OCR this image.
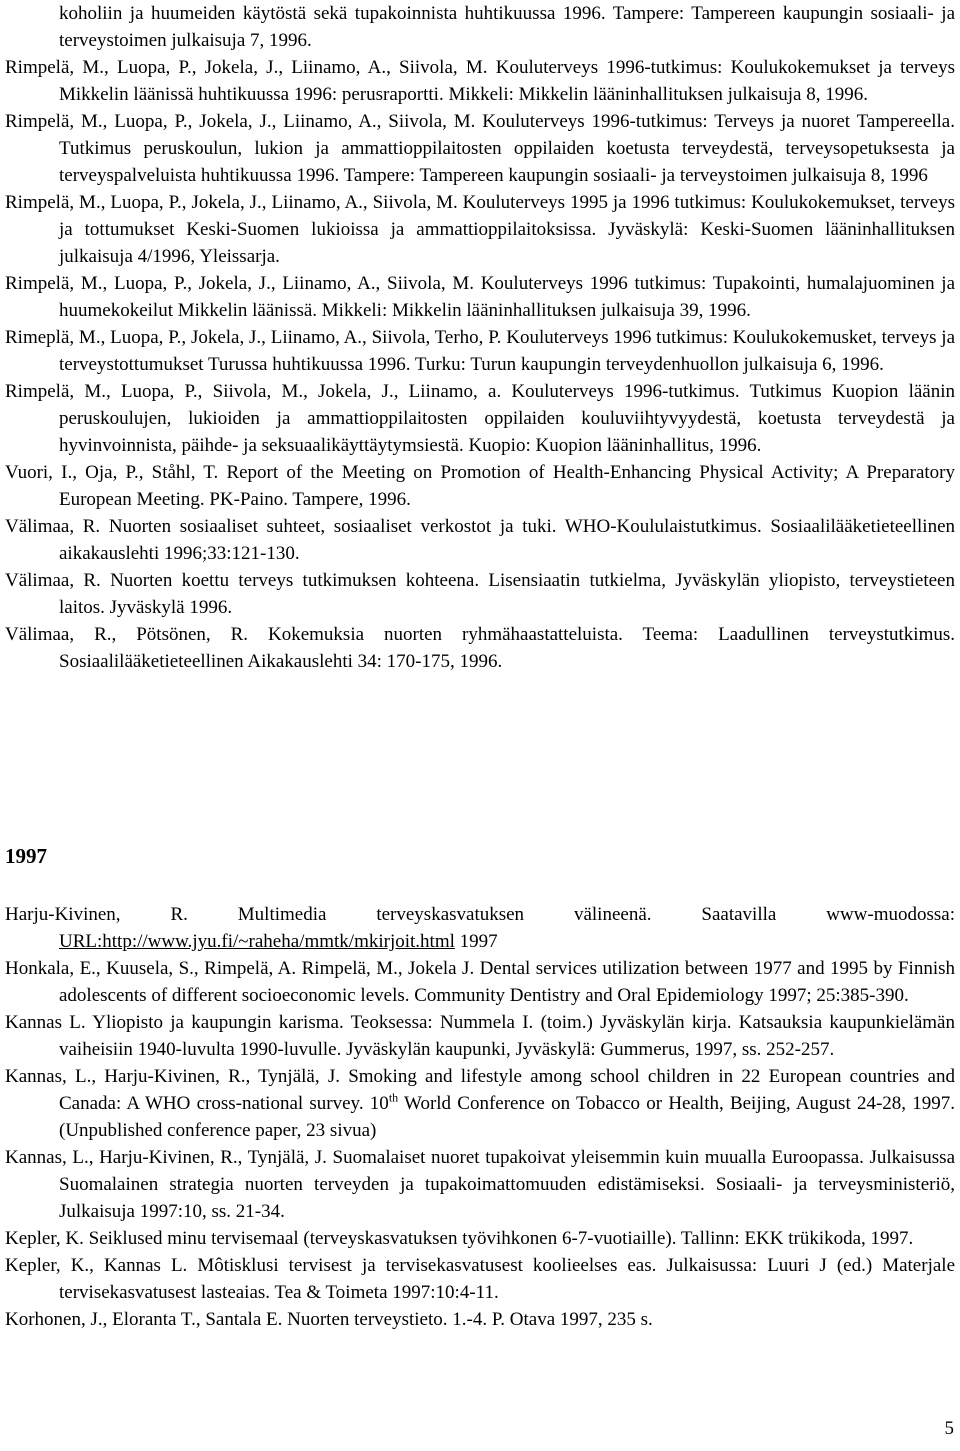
koholiin ja huumeiden käytöstä sekä tupakoinnista huhtikuussa 1996. Tampere: Tampereen kaupungin sosiaali- ja terveystoimen julkaisuja 7, 1996.

Rimpelä, M., Luopa, P., Jokela, J., Liinamo, A., Siivola, M. Kouluterveys 1996-tutkimus: Koulukokemukset ja terveys Mikkelin läänissä huhtikuussa 1996: perusraportti. Mikkeli: Mikkelin lääninhallituksen julkaisuja 8, 1996.

Rimpelä, M., Luopa, P., Jokela, J., Liinamo, A., Siivola, M. Kouluterveys 1996-tutkimus: Terveys ja nuoret Tampereella. Tutkimus peruskoulun, lukion ja ammattioppilaitosten oppilaiden koetusta terveydestä, terveysopetuksesta ja terveyspalveluista huhtikuussa 1996. Tampere: Tampereen kaupungin sosiaali- ja terveystoimen julkaisuja 8, 1996

Rimpelä, M., Luopa, P., Jokela, J., Liinamo, A., Siivola, M. Kouluterveys 1995 ja 1996 tutkimus: Koulukokemukset, terveys ja tottumukset Keski-Suomen lukioissa ja ammattioppilaitoksissa. Jyväskylä: Keski-Suomen lääninhallituksen julkaisuja 4/1996, Yleissarja.

Rimpelä, M., Luopa, P., Jokela, J., Liinamo, A., Siivola, M. Kouluterveys 1996 tutkimus: Tupakointi, humalajuominen ja huumekokeilut Mikkelin läänissä. Mikkeli: Mikkelin lääninhallituksen julkaisuja 39, 1996.

Rimeplä, M., Luopa, P., Jokela, J., Liinamo, A., Siivola, Terho, P. Kouluterveys 1996 tutkimus: Koulukokemusket, terveys ja terveystottumukset Turussa huhtikuussa 1996. Turku: Turun kaupungin terveydenhuollon julkaisuja 6, 1996.

Rimpelä, M., Luopa, P., Siivola, M., Jokela, J., Liinamo, a. Kouluterveys 1996-tutkimus. Tutkimus Kuopion läänin peruskoulujen, lukioiden ja ammattioppilaitosten oppilaiden kouluviihtyvyydestä, koetusta terveydestä ja hyvinvoinnista, päihde- ja seksuaalikäyttäytymsiestä. Kuopio: Kuopion lääninhallitus, 1996.

Vuori, I., Oja, P., Ståhl, T. Report of the Meeting on Promotion of Health-Enhancing Physical Activity; A Preparatory European Meeting. PK-Paino. Tampere, 1996.

Välimaa, R. Nuorten sosiaaliset suhteet, sosiaaliset verkostot ja tuki. WHO-Koululaistutkimus. Sosiaalilääketieteellinen aikakauslehti 1996;33:121-130.

Välimaa, R. Nuorten koettu terveys tutkimuksen kohteena. Lisensiaatin tutkielma, Jyväskylän yliopisto, terveystieteen laitos. Jyväskylä 1996.

Välimaa, R., Pötsönen, R. Kokemuksia nuorten ryhmähaastatteluista. Teema: Laadullinen terveystutkimus. Sosiaalilääketieteellinen Aikakauslehti 34: 170-175, 1996.

1997

Harju-Kivinen, R. Multimedia terveyskasvatuksen välineenä. Saatavilla www-muodossa: URL:http://www.jyu.fi/~raheha/mmtk/mkirjoit.html 1997

Honkala, E., Kuusela, S., Rimpelä, A. Rimpelä, M., Jokela J. Dental services utilization between 1977 and 1995 by Finnish adolescents of different socioeconomic levels. Community Dentistry and Oral Epidemiology 1997; 25:385-390.

Kannas L. Yliopisto ja kaupungin karisma. Teoksessa: Nummela I. (toim.) Jyväskylän kirja. Katsauksia kaupunkielämän vaiheisiin 1940-luvulta 1990-luvulle. Jyväskylän kaupunki, Jyväskylä: Gummerus, 1997, ss. 252-257.

Kannas, L., Harju-Kivinen, R., Tynjälä, J. Smoking and lifestyle among school children in 22 European countries and Canada: A WHO cross-national survey. 10th World Conference on Tobacco or Health, Beijing, August 24-28, 1997. (Unpublished conference paper, 23 sivua)

Kannas, L., Harju-Kivinen, R., Tynjälä, J. Suomalaiset nuoret tupakoivat yleisemmin kuin muualla Euroopassa. Julkaisussa Suomalainen strategia nuorten terveyden ja tupakoimattomuuden edistämiseksi. Sosiaali- ja terveysministeriö, Julkaisuja 1997:10, ss. 21-34.

Kepler, K. Seiklused minu tervisemaal (terveyskasvatuksen työvihkonen 6-7-vuotiaille). Tallinn: EKK trükikoda, 1997.

Kepler, K., Kannas L. Môtisklusi tervisest ja tervisekasvatusest koolieelses eas. Julkaisussa: Luuri J (ed.) Materjale tervisekasvatusest lasteaias. Tea & Toimeta 1997:10:4-11.

Korhonen, J., Eloranta T., Santala E. Nuorten terveystieto. 1.-4. P. Otava 1997, 235 s.

5
